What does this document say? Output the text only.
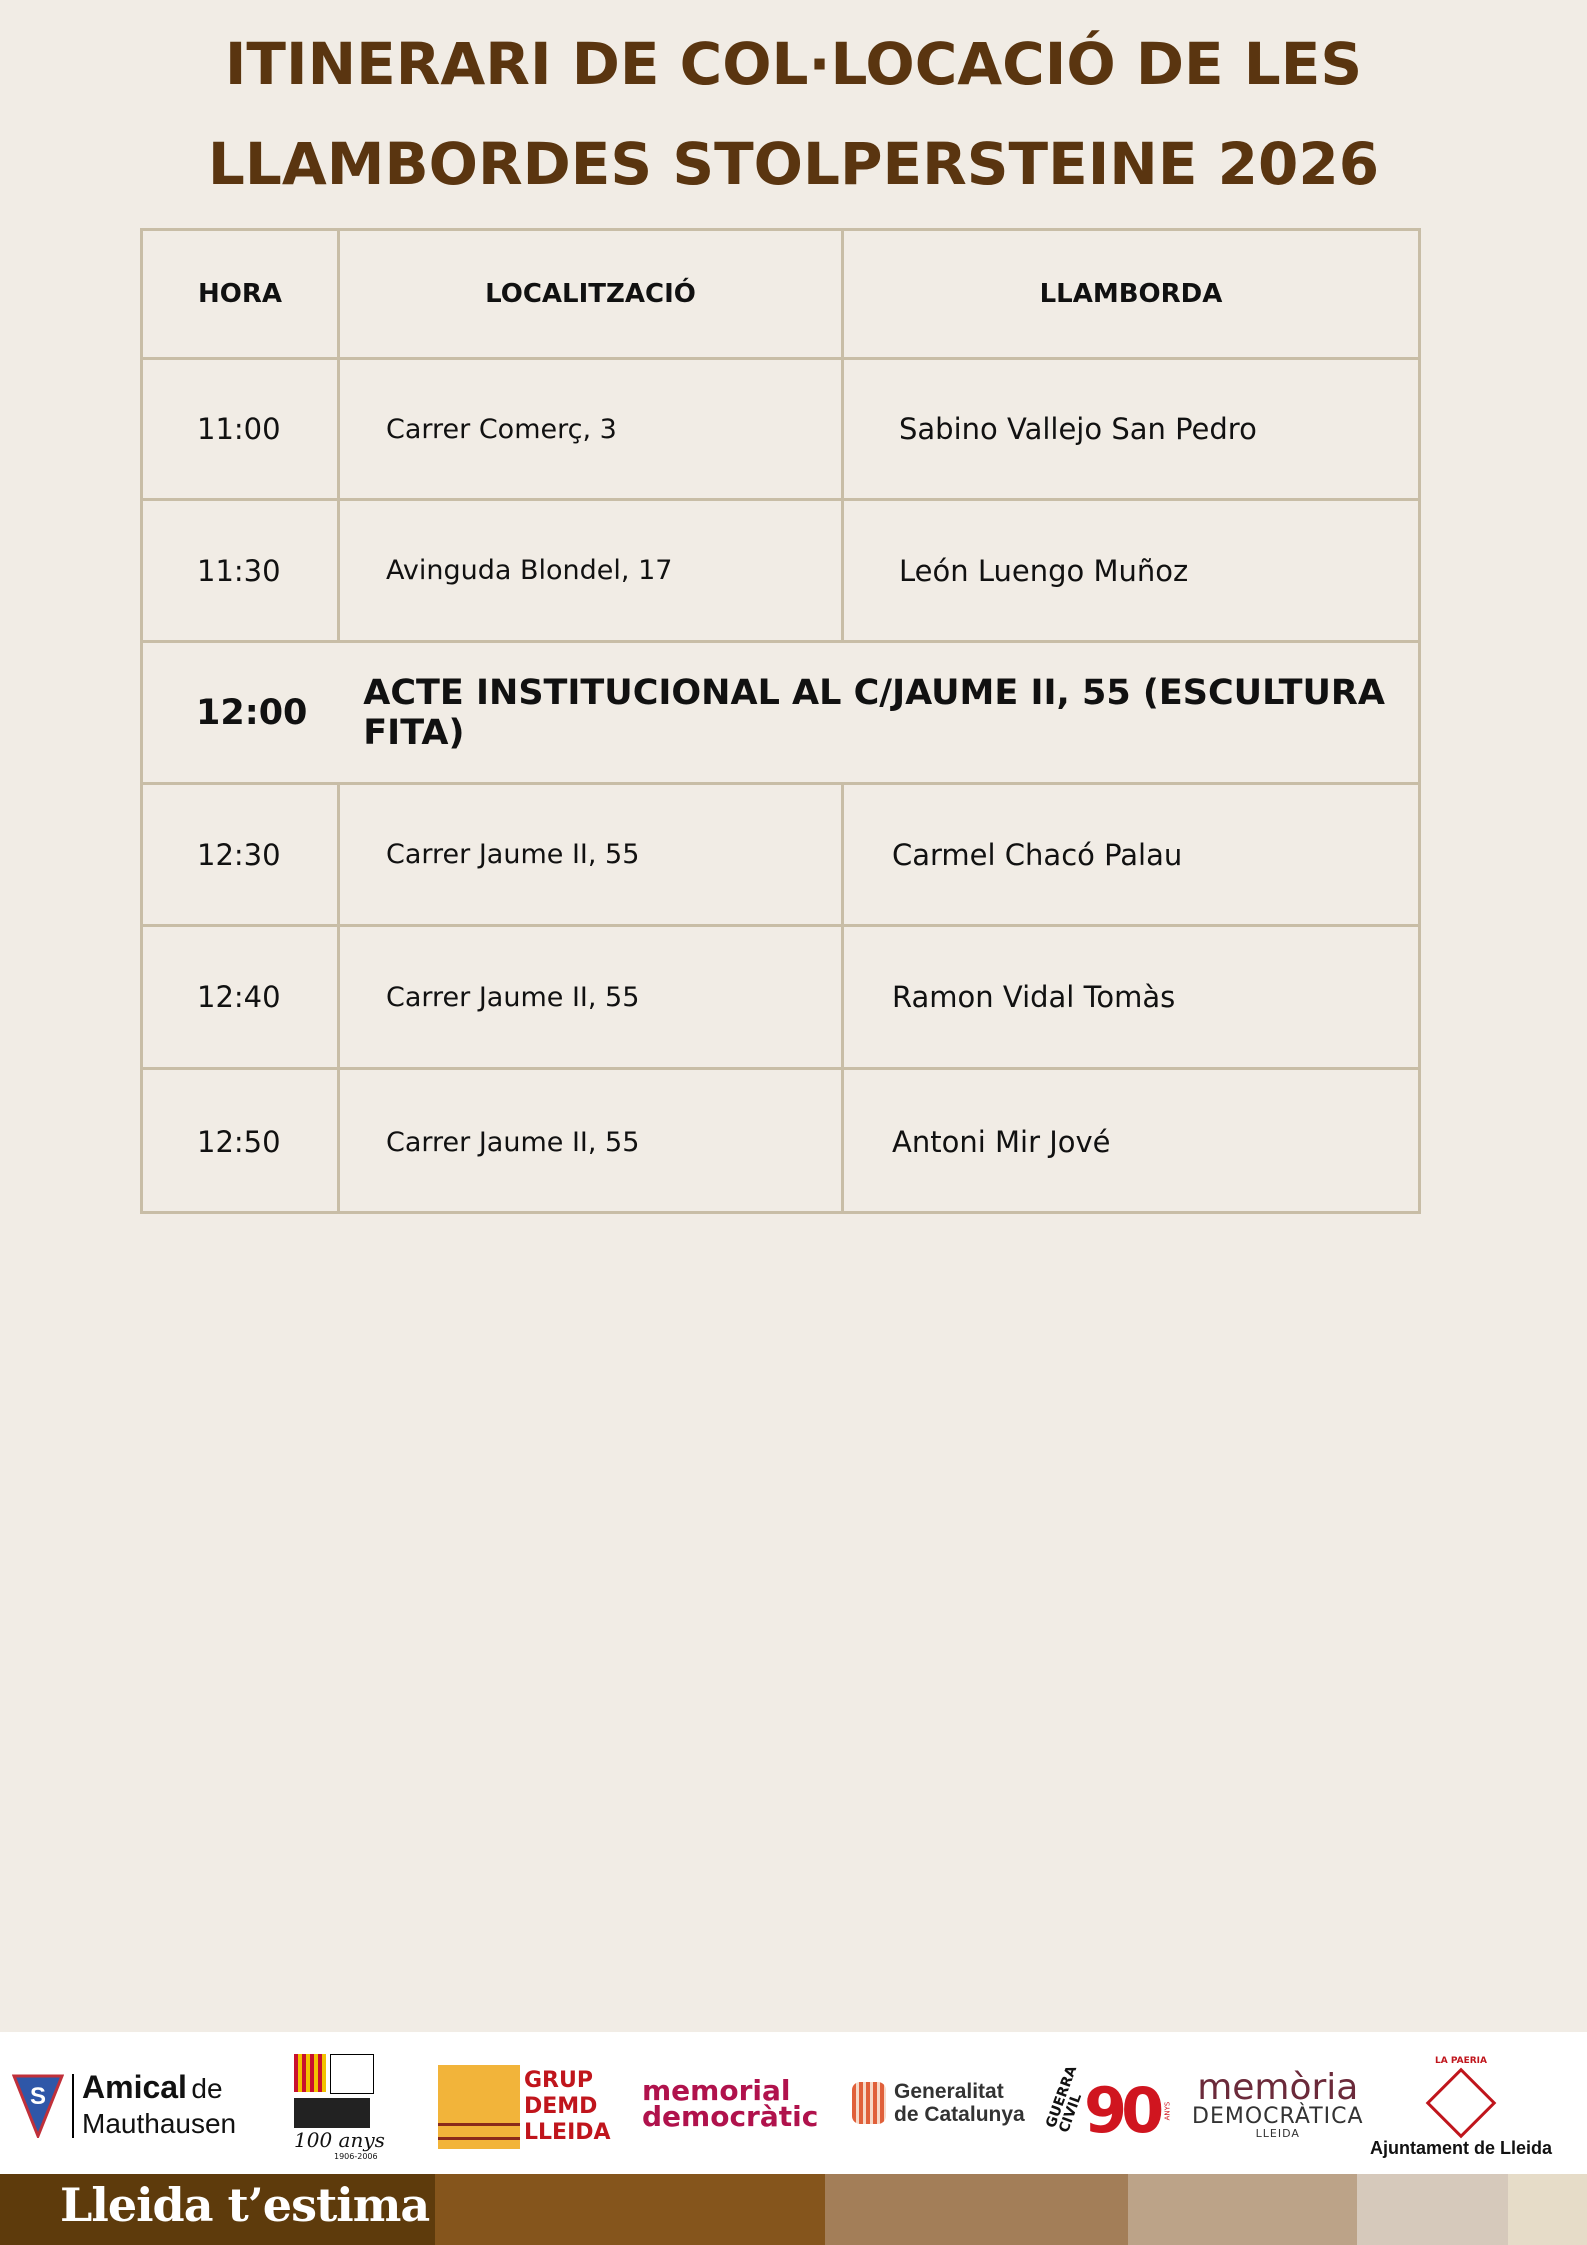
ITINERARI DE COL·LOCACIÓ DE LES
LLAMBORDES STOLPERSTEINE 2026
HORA	LOCALITZACIÓ	LLAMBORDA
11:00	Carrer Comerç, 3	Sabino Vallejo San Pedro
11:30	Avinguda Blondel, 17	León Luengo Muñoz
12:00	ACTE INSTITUCIONAL AL C/JAUME II, 55 (ESCULTURA FITA)
12:30	Carrer Jaume II, 55	Carmel Chacó Palau
12:40	Carrer Jaume II, 55	Ramon Vidal Tomàs
12:50	Carrer Jaume II, 55	Antoni Mir Jové
S Amical de
Mauthausen
100 anys
1906-2006
GRUP
DEMD
LLEIDA
memorial
democràtic
Generalitat
de Catalunya GUERRA CIVIL
90 ANYS
memòria
DEMOCRÀTICA
LLEIDA
LA PAERIA
Ajuntament de Lleida
Lleida t’estima
